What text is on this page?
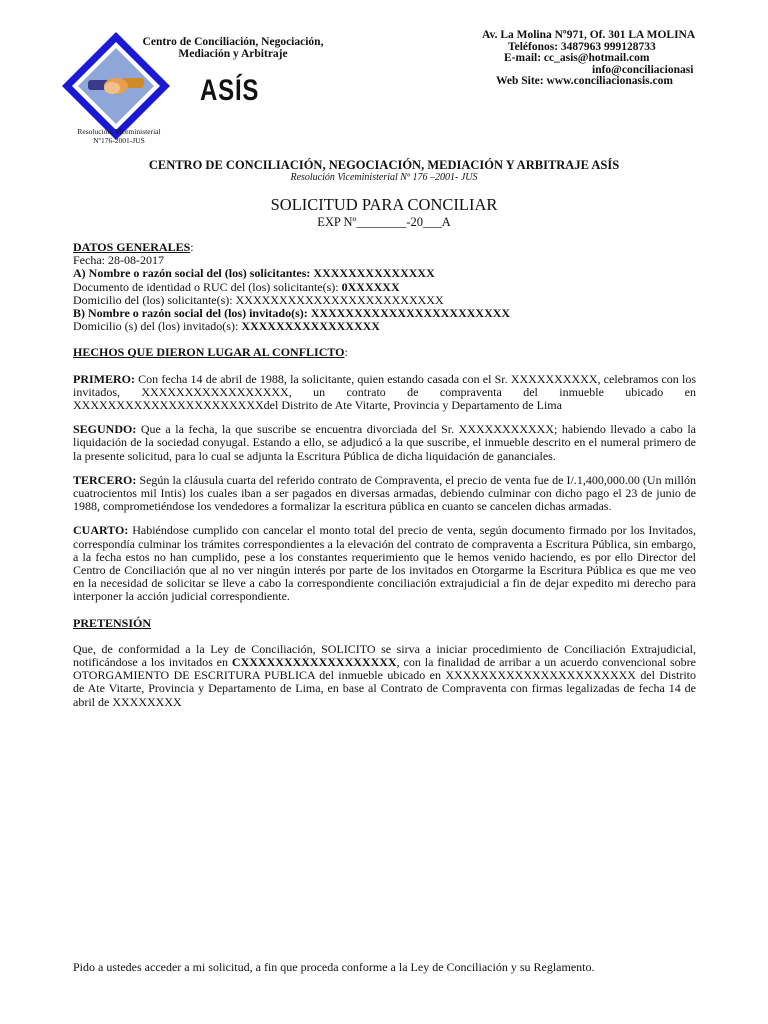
Centro de Conciliación, Negociación,
Mediación y Arbitraje
ASÍS
Resolución. Viceministerial
Nº176-2001-JUS
Av. La Molina Nº971, Of. 301 LA MOLINA
Teléfonos: 3487963 999128733
E-mail: cc_asis@hotmail.com
info@conciliacionasi
Web Site: www.conciliacionasis.com
CENTRO DE CONCILIACIÓN, NEGOCIACIÓN, MEDIACIÓN Y ARBITRAJE ASÍS
Resolución Viceministerial Nº 176 –2001- JUS
SOLICITUD PARA CONCILIAR
EXP Nº________-20___A

DATOS GENERALES:

Fecha: 28-08-2017

A) Nombre o razón social del (los) solicitantes: XXXXXXXXXXXXXX

Documento de identidad o RUC del (los) solicitante(s): 0XXXXXX

Domicilio del (los) solicitante(s): XXXXXXXXXXXXXXXXXXXXXXXX

B) Nombre o razón social del (los) invitado(s): XXXXXXXXXXXXXXXXXXXXXXX

Domicilio (s) del (los) invitado(s): XXXXXXXXXXXXXXXX

HECHOS QUE DIERON LUGAR AL CONFLICTO:

PRIMERO: Con fecha 14 de abril de 1988, la solicitante, quien estando casada con el Sr. XXXXXXXXXX, celebramos con los invitados, XXXXXXXXXXXXXXXXX, un contrato de compraventa del inmueble ubicado en XXXXXXXXXXXXXXXXXXXXXXdel Distrito de Ate Vitarte, Provincia y Departamento de Lima

SEGUNDO: Que a la fecha, la que suscribe se encuentra divorciada del Sr. XXXXXXXXXXX; habiendo llevado a cabo la liquidación de la sociedad conyugal. Estando a ello, se adjudicó a la que suscribe, el inmueble descrito en el numeral primero de la presente solicitud, para lo cual se adjunta la Escritura Pública de dicha liquidación de gananciales.

TERCERO: Según la cláusula cuarta del referido contrato de Compraventa, el precio de venta fue de I/.1,400,000.00 (Un millón cuatrocientos mil Intis) los cuales iban a ser pagados en diversas armadas, debiendo culminar con dicho pago el 23 de junio de 1988, comprometiéndose los vendedores a formalizar la escritura pública en cuanto se cancelen dichas armadas.

CUARTO: Habiéndose cumplido con cancelar el monto total del precio de venta, según documento firmado por los Invitados, correspondía culminar los trámites correspondientes a la elevación del contrato de compraventa a Escritura Pública, sin embargo, a la fecha estos no han cumplido, pese a los constantes requerimiento que le hemos venido haciendo, es por ello Director del Centro de Conciliación que al no ver ningún interés por parte de los invitados en Otorgarme la Escritura Pública es que me veo en la necesidad de solicitar se lleve a cabo la correspondiente conciliación extrajudicial a fin de dejar expedito mi derecho para interponer la acción judicial correspondiente.

PRETENSIÓN

Que, de conformidad a la Ley de Conciliación, SOLICITO se sirva a iniciar procedimiento de Conciliación Extrajudicial, notificándose a los invitados en CXXXXXXXXXXXXXXXXXX, con la finalidad de arribar a un acuerdo convencional sobre OTORGAMIENTO DE ESCRITURA PUBLICA del inmueble ubicado en XXXXXXXXXXXXXXXXXXXXXX del Distrito de Ate Vitarte, Provincia y Departamento de Lima, en base al Contrato de Compraventa con firmas legalizadas de fecha 14 de abril de XXXXXXXX

Pido a ustedes acceder a mi solicitud, a fin que proceda conforme a la Ley de Conciliación y su Reglamento.
